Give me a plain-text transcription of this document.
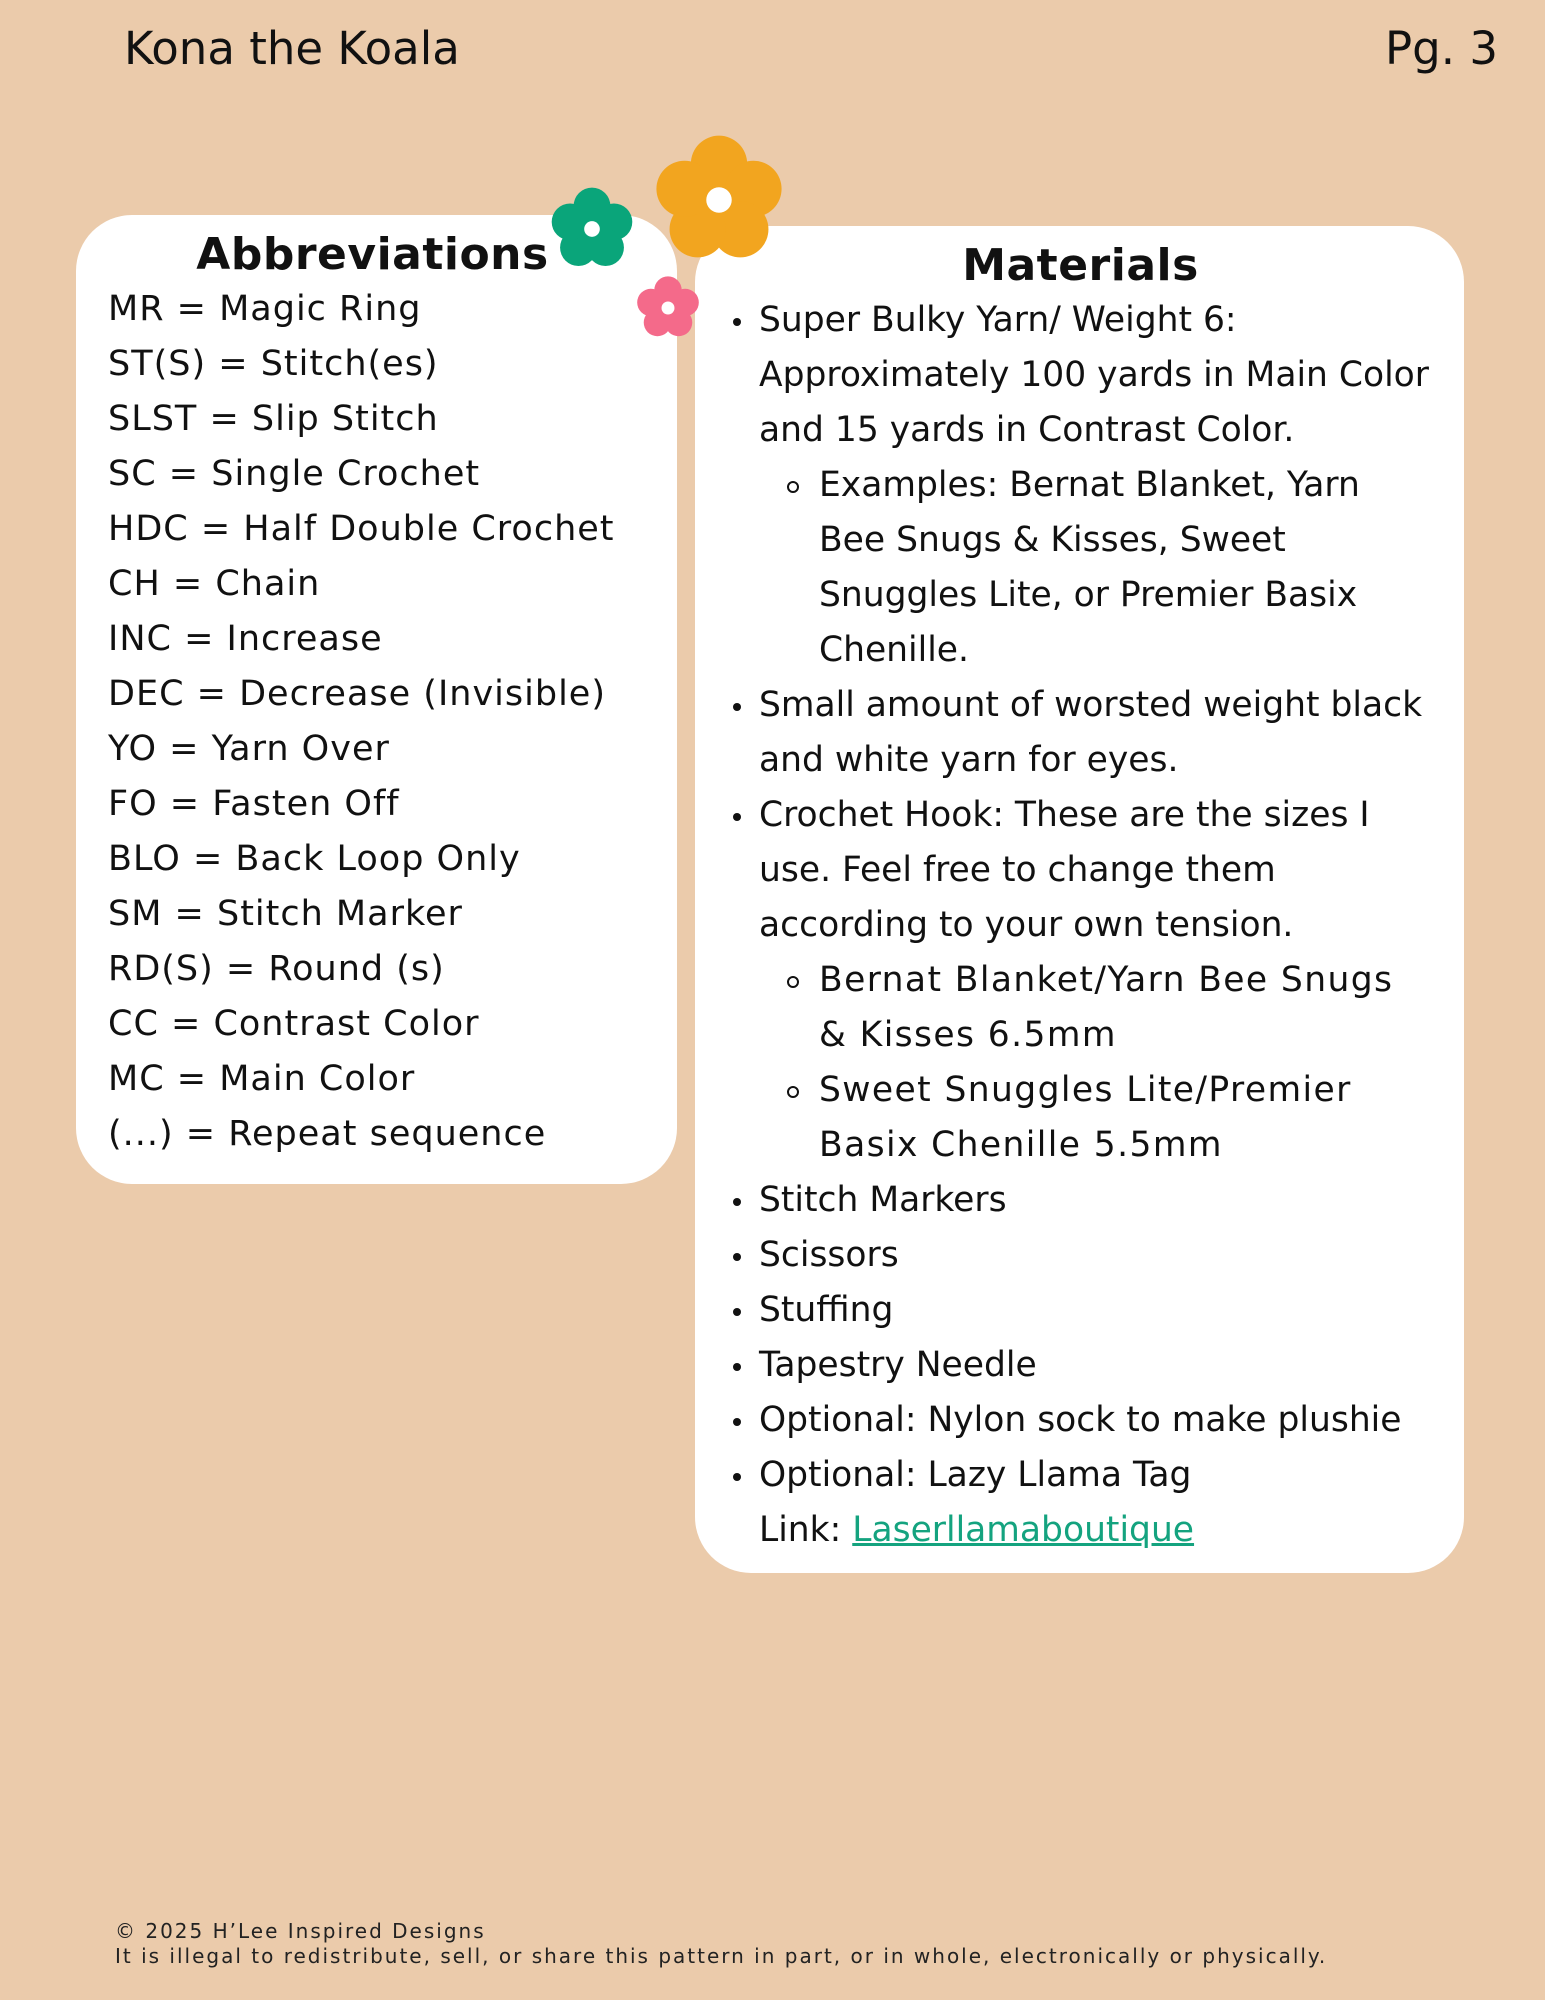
Kona the Koala	Pg. 3
Abbreviations
MR = Magic Ring
ST(S) = Stitch(es)
SLST = Slip Stitch
SC = Single Crochet
HDC = Half Double Crochet
CH = Chain
INC = Increase
DEC = Decrease (Invisible)
YO = Yarn Over
FO = Fasten Off
BLO = Back Loop Only
SM = Stitch Marker
RD(S) = Round (s)
CC = Contrast Color
MC = Main Color
(...) = Repeat sequence
Materials
Super Bulky Yarn/ Weight 6: Approximately 100 yards in Main Color and 15 yards in Contrast Color.
Examples: Bernat Blanket, Yarn Bee Snugs & Kisses, Sweet Snuggles Lite, or Premier Basix Chenille.
Small amount of worsted weight black and white yarn for eyes.
Crochet Hook: These are the sizes I use. Feel free to change them according to your own tension.
Bernat Blanket/Yarn Bee Snugs & Kisses 6.5mm
Sweet Snuggles Lite/Premier Basix Chenille 5.5mm
Stitch Markers
Scissors
Stuffing
Tapestry Needle
Optional: Nylon sock to make plushie
Optional: Lazy Llama Tag
Link: Laserllamaboutique
© 2025 H’Lee Inspired Designs
It is illegal to redistribute, sell, or share this pattern in part, or in whole, electronically or physically.
